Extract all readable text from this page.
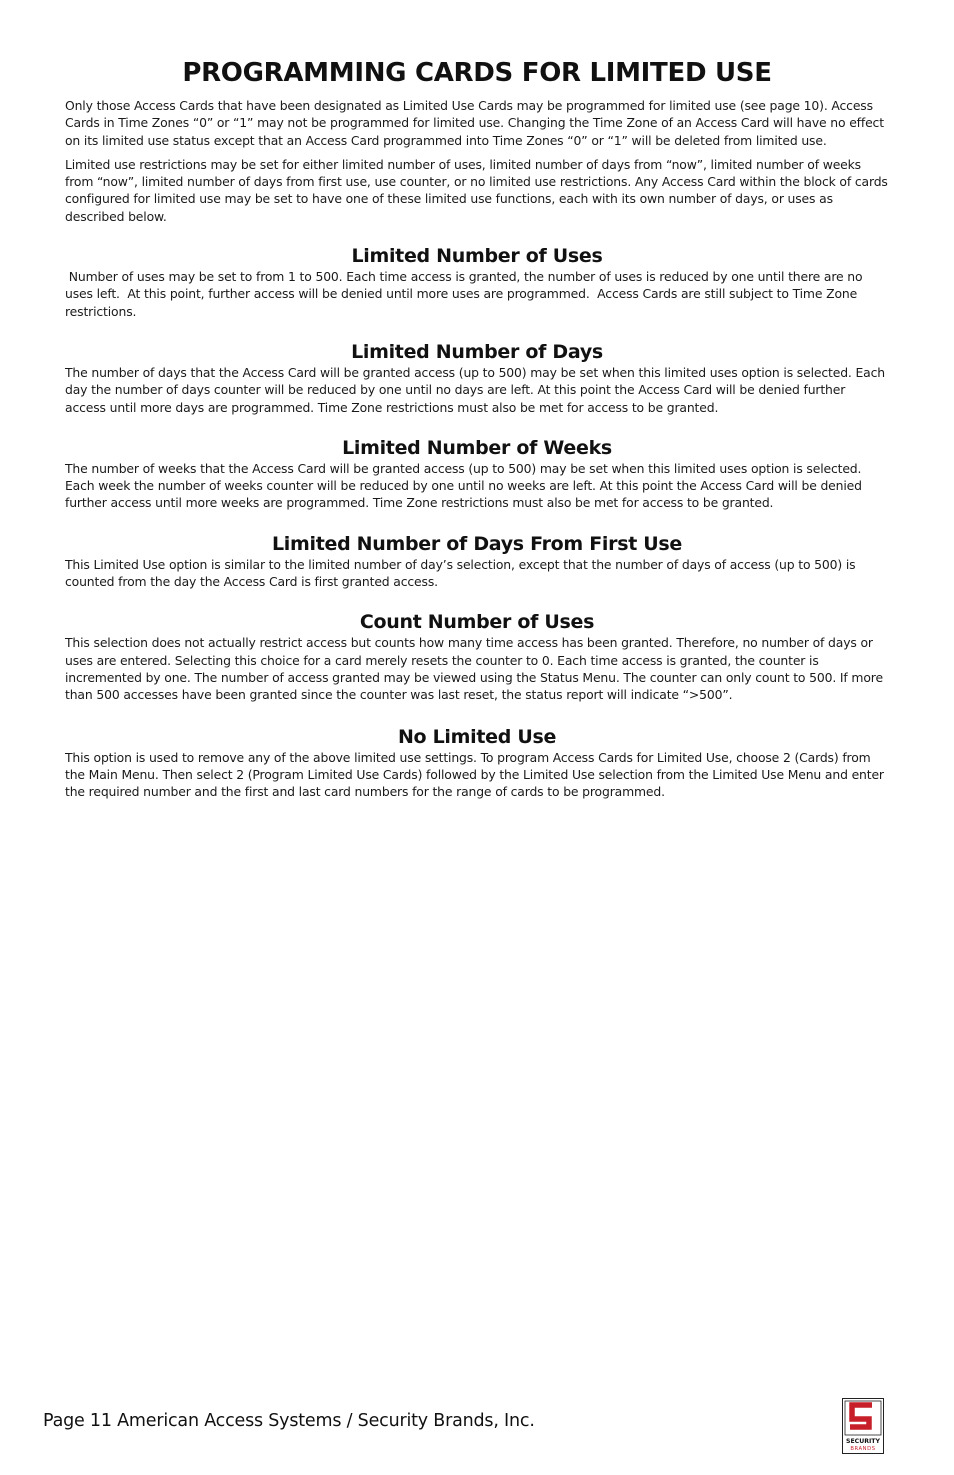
PROGRAMMING CARDS FOR LIMITED USE

Only those Access Cards that have been designated as Limited Use Cards may be programmed for limited use (see page 10). Access Cards in Time Zones “0” or “1” may not be programmed for limited use. Changing the Time Zone of an Access Card will have no effect on its limited use status except that an Access Card programmed into Time Zones “0” or “1” will be deleted from limited use.

Limited use restrictions may be set for either limited number of uses, limited number of days from “now”, limited number of weeks from “now”, limited number of days from first use, use counter, or no limited use restrictions. Any Access Card within the block of cards configured for limited use may be set to have one of these limited use functions, each with its own number of days, or uses as described below.

Limited Number of Uses

Number of uses may be set to from 1 to 500. Each time access is granted, the number of uses is reduced by one until there are no uses left.  At this point, further access will be denied until more uses are programmed.  Access Cards are still subject to Time Zone restrictions.

Limited Number of Days

The number of days that the Access Card will be granted access (up to 500) may be set when this limited uses option is selected. Each day the number of days counter will be reduced by one until no days are left. At this point the Access Card will be denied further access until more days are programmed. Time Zone restrictions must also be met for access to be granted.

Limited Number of Weeks

The number of weeks that the Access Card will be granted access (up to 500) may be set when this limited uses option is selected. Each week the number of weeks counter will be reduced by one until no weeks are left. At this point the Access Card will be denied further access until more weeks are programmed. Time Zone restrictions must also be met for access to be granted.

Limited Number of Days From First Use

This Limited Use option is similar to the limited number of day’s selection, except that the number of days of access (up to 500) is counted from the day the Access Card is first granted access.

Count Number of Uses

This selection does not actually restrict access but counts how many time access has been granted. Therefore, no number of days or uses are entered. Selecting this choice for a card merely resets the counter to 0. Each time access is granted, the counter is incremented by one. The number of access granted may be viewed using the Status Menu. The counter can only count to 500. If more than 500 accesses have been granted since the counter was last reset, the status report will indicate “>500”.

No Limited Use

This option is used to remove any of the above limited use settings. To program Access Cards for Limited Use, choose 2 (Cards) from the Main Menu. Then select 2 (Program Limited Use Cards) followed by the Limited Use selection from the Limited Use Menu and enter the required number and the first and last card numbers for the range of cards to be programmed.

Page 11 American Access Systems / Security Brands, Inc.
SECURITY
BRANDS
